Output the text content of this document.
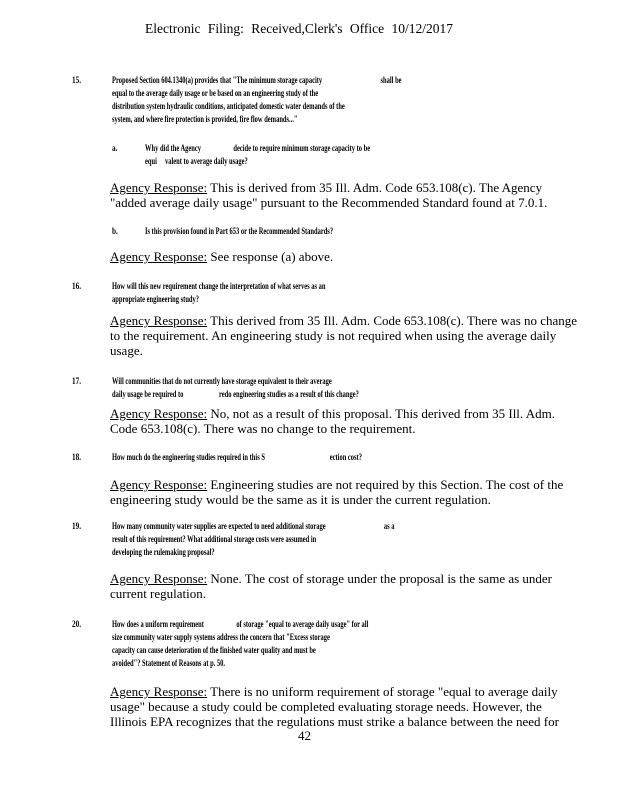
Electronic Filing: Received,Clerk's Office 10/12/2017
15.	Proposed Section 604.1340(a) provides that "The minimum storage capacity                                    shall be
equal to the average daily usage or be based on an engineering study of the
distribution system hydraulic conditions, anticipated domestic water demands of the
system, and where fire protection is provided, fire flow demands..."
a.	Why did the Agency                    decide to require minimum storage capacity to be
equi     valent to average daily usage?
Agency Response: This is derived from 35 Ill. Adm. Code 653.108(c). The Agency "added average daily usage" pursuant to the Recommended Standard found at 7.0.1.
b.	Is this provision found in Part 653 or the Recommended Standards?
Agency Response: See response (a) above.
16.	How will this new requirement change the interpretation of what serves as an
appropriate engineering study?
Agency Response: This derived from 35 Ill. Adm. Code 653.108(c). There was no change to the requirement. An engineering study is not required when using the average daily usage.
17.	Will communities that do not currently have storage equivalent to their average
daily usage be required to                      redo engineering studies as a result of this change?
Agency Response: No, not as a result of this proposal. This derived from 35 Ill. Adm. Code 653.108(c). There was no change to the requirement.
18.	How much do the engineering studies required in this S                                        ection cost?
Agency Response: Engineering studies are not required by this Section. The cost of the engineering study would be the same as it is under the current regulation.
19.	How many community water supplies are expected to need additional storage                                    as a
result of this requirement? What additional storage costs were assumed in
developing the rulemaking proposal?
Agency Response: None. The cost of storage under the proposal is the same as under current regulation.
20.	How does a uniform requirement                    of storage "equal to average daily usage" for all
size community water supply systems address the concern that "Excess storage
capacity can cause deterioration of the finished water quality and must be
avoided"? Statement of Reasons at p. 50.
Agency Response: There is no uniform requirement of storage "equal to average daily usage" because a study could be completed evaluating storage needs. However, the Illinois EPA recognizes that the regulations must strike a balance between the need for
42
